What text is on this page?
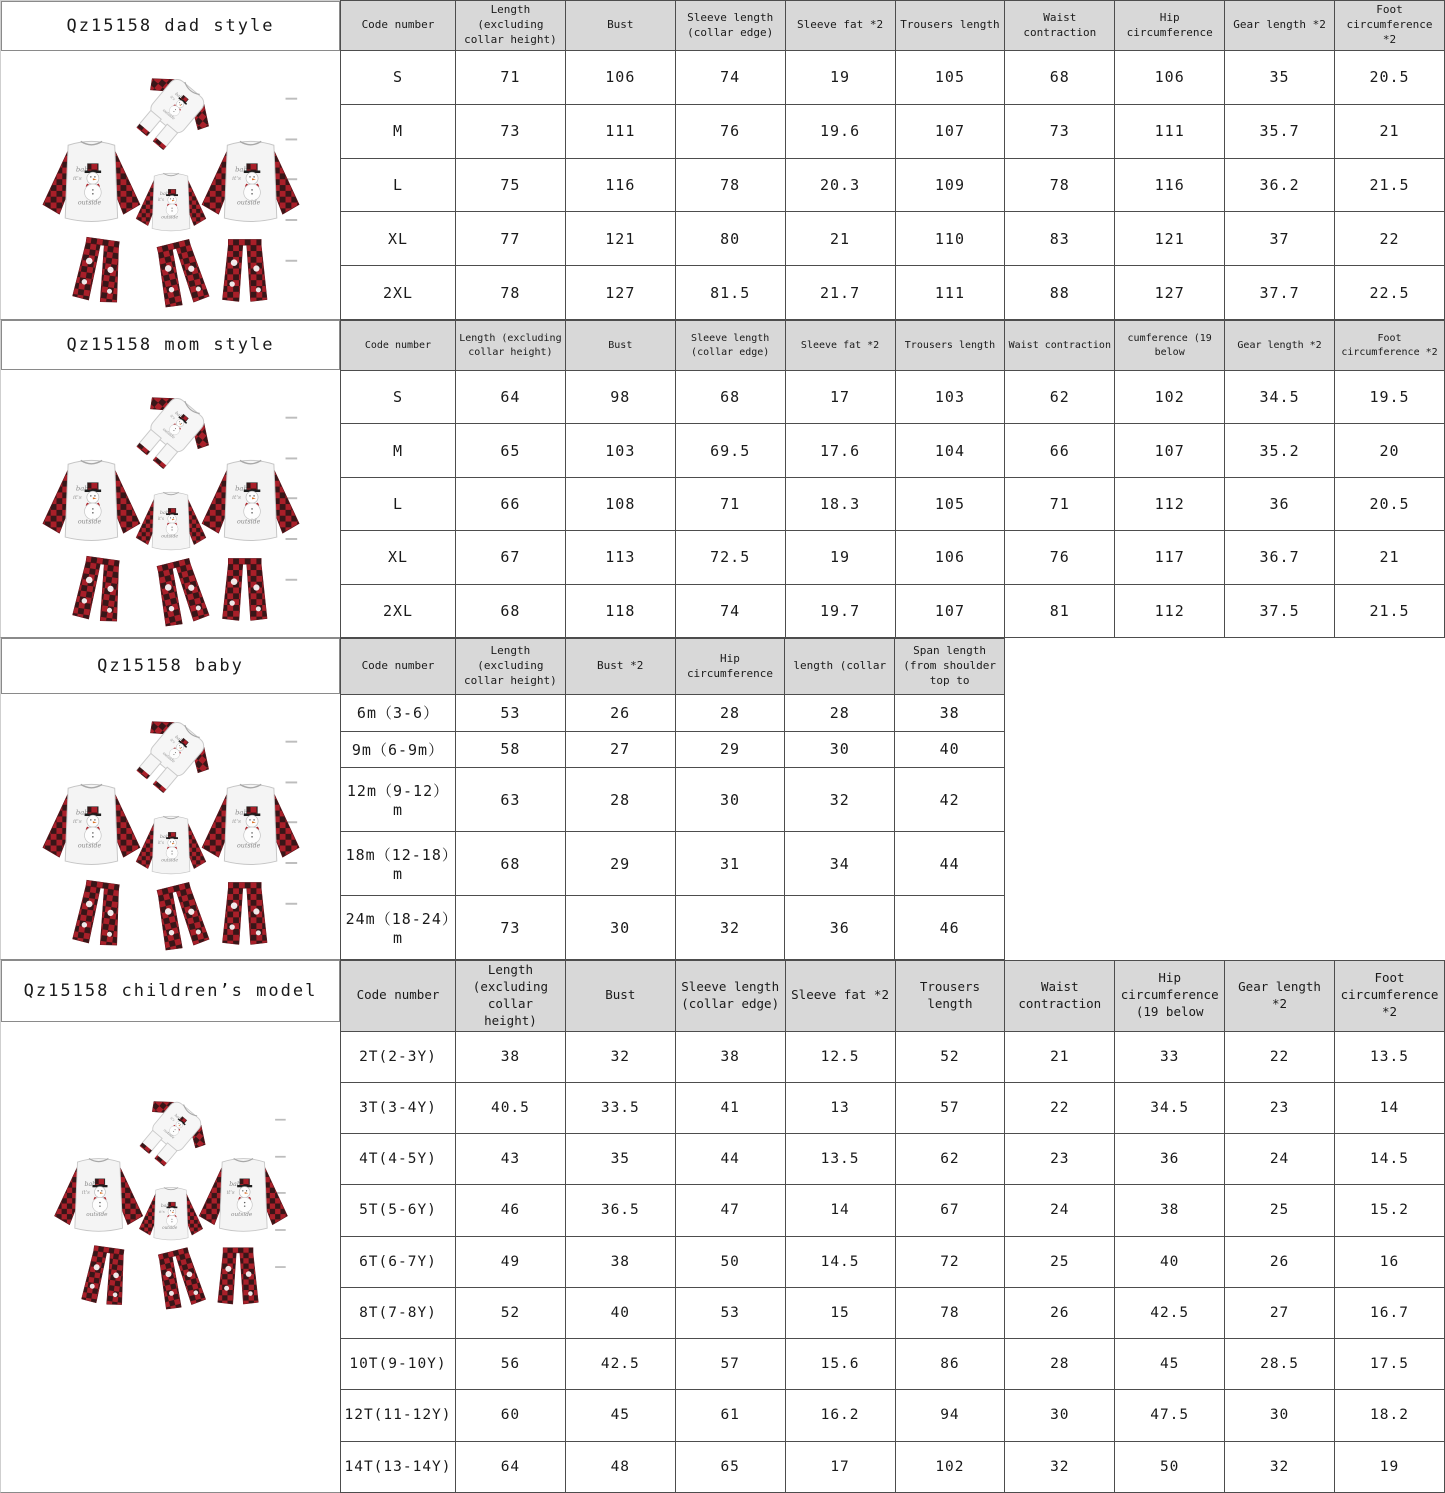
Qz15158 dad style	Code number	Length (excluding collar height)	Bust	Sleeve length (collar edge)	Sleeve fat *2	Trousers length	Waist contraction	Hip circumference	Gear length *2	Foot circumference *2
S	71	106	74	19	105	68	106	35	20.5
M	73	111	76	19.6	107	73	111	35.7	21
L	75	116	78	20.3	109	78	116	36.2	21.5
XL	77	121	80	21	110	83	121	37	22
2XL	78	127	81.5	21.7	111	88	127	37.7	22.5
Qz15158 mom style	Code number	Length (excluding collar height)	Bust	Sleeve length (collar edge)	Sleeve fat *2	Trousers length	Waist contraction	cumference (19 below	Gear length *2	Foot circumference *2
S	64	98	68	17	103	62	102	34.5	19.5
M	65	103	69.5	17.6	104	66	107	35.2	20
L	66	108	71	18.3	105	71	112	36	20.5
XL	67	113	72.5	19	106	76	117	36.7	21
2XL	68	118	74	19.7	107	81	112	37.5	21.5
Qz15158 baby	Code number	Length (excluding collar height)	Bust *2	Hip circumference	length (collar	Span length (from shoulder top to
6m（3-6）	53	26	28	28	38
9m（6-9m）	58	27	29	30	40
12m（9-12）m	63	28	30	32	42
18m（12-18）m	68	29	31	34	44
24m（18-24）m	73	30	32	36	46
Qz15158 children’s model	Code number	Length (excluding collar height)	Bust	Sleeve length (collar edge)	Sleeve fat *2	Trousers length	Waist contraction	Hip circumference (19 below	Gear length *2	Foot circumference *2
2T(2-3Y)	38	32	38	12.5	52	21	33	22	13.5
3T(3-4Y)	40.5	33.5	41	13	57	22	34.5	23	14
4T(4-5Y)	43	35	44	13.5	62	23	36	24	14.5
5T(5-6Y)	46	36.5	47	14	67	24	38	25	15.2
6T(6-7Y)	49	38	50	14.5	72	25	40	26	16
8T(7-8Y)	52	40	53	15	78	26	42.5	27	16.7
10T(9-10Y)	56	42.5	57	15.6	86	28	45	28.5	17.5
12T(11-12Y)	60	45	61	16.2	94	30	47.5	30	18.2
14T(13-14Y)	64	48	65	17	102	32	50	32	19
